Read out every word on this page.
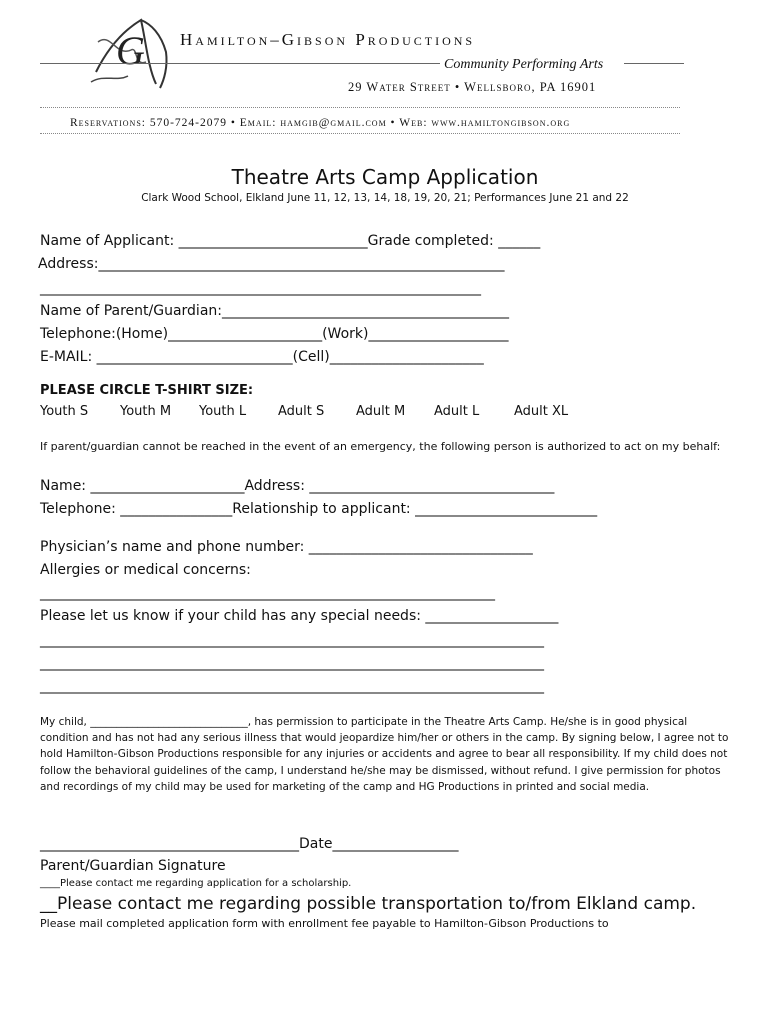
G Hamilton–Gibson Productions
Community Performing Arts
29 Water Street • Wellsboro, PA 16901
Reservations: 570-724-2079 • Email: hamgib@gmail.com • Web: www.hamiltongibson.org
Theatre Arts Camp Application
Clark Wood School, Elkland June 11, 12, 13, 14, 18, 19, 20, 21; Performances June 21 and 22
Name of Applicant: ___________________________Grade completed: ______
Address:__________________________________________________________
_______________________________________________________________
Name of Parent/Guardian:_________________________________________
Telephone:(Home)______________________(Work)____________________
E-MAIL: ____________________________(Cell)______________________
PLEASE CIRCLE T-SHIRT SIZE:
Youth S Youth M Youth L Adult S Adult M Adult L	Adult XL
If parent/guardian cannot be reached in the event of an emergency, the following person is authorized to act on my behalf:
Name: ______________________Address: ___________________________________
Telephone: ________________Relationship to applicant: __________________________
Physician’s name and phone number: ________________________________
Allergies or medical concerns:
_________________________________________________________________
Please let us know if your child has any special needs: ___________________
________________________________________________________________________
________________________________________________________________________
________________________________________________________________________
My child, ______________________________, has permission to participate in the Theatre Arts Camp. He/she is in good physical condition and has not had any serious illness that would jeopardize him/her or others in the camp. By signing below, I agree not to hold Hamilton-Gibson Productions responsible for any injuries or accidents and agree to bear all responsibility. If my child does not follow the behavioral guidelines of the camp, I understand he/she may be dismissed, without refund. I give permission for photos and recordings of my child may be used for marketing of the camp and HG Productions in printed and social media.
_____________________________________Date__________________
Parent/Guardian Signature
____Please contact me regarding application for a scholarship.
__Please contact me regarding possible transportation to/from Elkland camp.
Please mail completed application form with enrollment fee payable to Hamilton-Gibson Productions to
